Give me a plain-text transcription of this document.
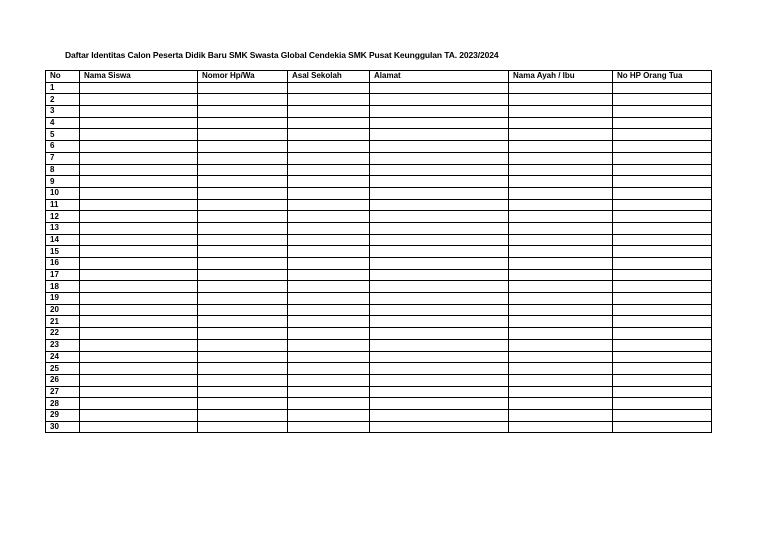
Daftar Identitas Calon Peserta Didik Baru SMK Swasta Global Cendekia SMK Pusat Keunggulan TA. 2023/2024
No	Nama Siswa	Nomor Hp/Wa	Asal Sekolah	Alamat	Nama Ayah / Ibu	No HP Orang Tua
1						
2						
3						
4						
5						
6						
7						
8						
9						
10						
11						
12						
13						
14						
15						
16						
17						
18						
19						
20						
21						
22						
23						
24						
25						
26						
27						
28						
29						
30						
